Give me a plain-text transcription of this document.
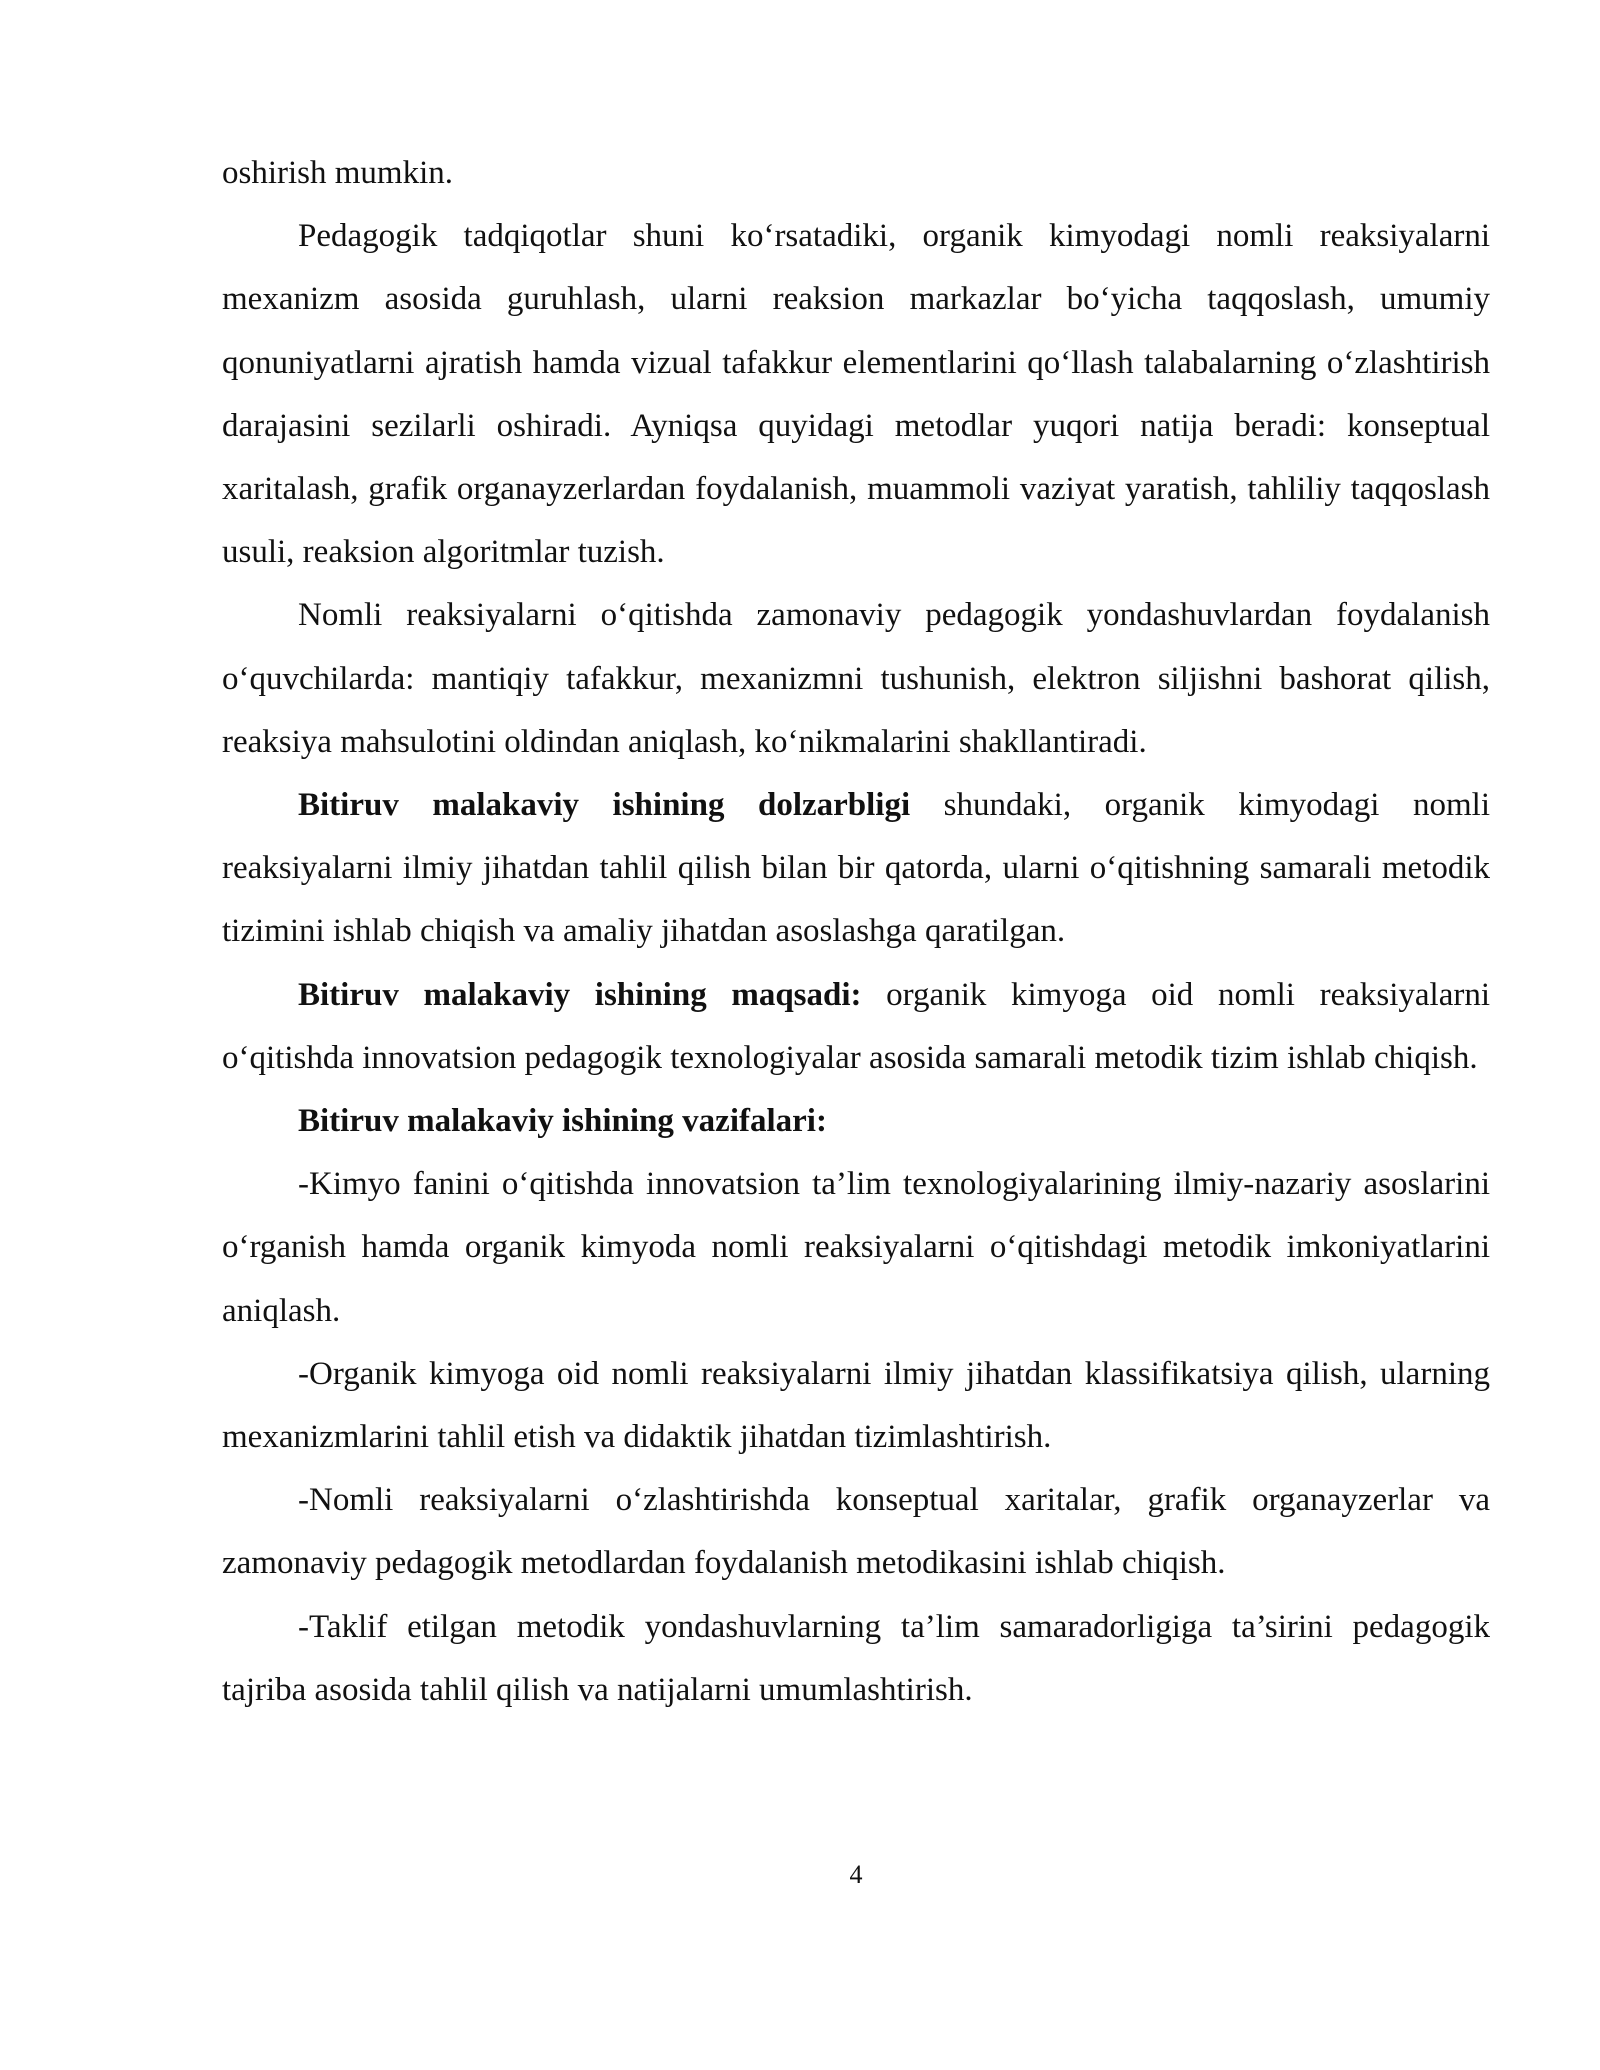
oshirish mumkin.

Pedagogik tadqiqotlar shuni ko‘rsatadiki, organik kimyodagi nomli reaksiyalarni mexanizm asosida guruhlash, ularni reaksion markazlar bo‘yicha taqqoslash, umumiy qonuniyatlarni ajratish hamda vizual tafakkur elementlarini qo‘llash talabalarning o‘zlashtirish darajasini sezilarli oshiradi. Ayniqsa quyidagi metodlar yuqori natija beradi: konseptual xaritalash, grafik organayzerlardan foydalanish, muammoli vaziyat yaratish, tahliliy taqqoslash usuli, reaksion algoritmlar tuzish.

Nomli reaksiyalarni o‘qitishda zamonaviy pedagogik yondashuvlardan foydalanish o‘quvchilarda: mantiqiy tafakkur, mexanizmni tushunish, elektron siljishni bashorat qilish, reaksiya mahsulotini oldindan aniqlash, ko‘nikmalarini shakllantiradi.

Bitiruv malakaviy ishining dolzarbligi shundaki, organik kimyodagi nomli reaksiyalarni ilmiy jihatdan tahlil qilish bilan bir qatorda, ularni o‘qitishning samarali metodik tizimini ishlab chiqish va amaliy jihatdan asoslashga qaratilgan.

Bitiruv malakaviy ishining maqsadi: organik kimyoga oid nomli reaksiyalarni o‘qitishda innovatsion pedagogik texnologiyalar asosida samarali metodik tizim ishlab chiqish.

Bitiruv malakaviy ishining vazifalari:

-Kimyo fanini o‘qitishda innovatsion ta’lim texnologiyalarining ilmiy-nazariy asoslarini o‘rganish hamda organik kimyoda nomli reaksiyalarni o‘qitishdagi metodik imkoniyatlarini aniqlash.

-Organik kimyoga oid nomli reaksiyalarni ilmiy jihatdan klassifikatsiya qilish, ularning mexanizmlarini tahlil etish va didaktik jihatdan tizimlashtirish.

-Nomli reaksiyalarni o‘zlashtirishda konseptual xaritalar, grafik organayzerlar va zamonaviy pedagogik metodlardan foydalanish metodikasini ishlab chiqish.

-Taklif etilgan metodik yondashuvlarning ta’lim samaradorligiga ta’sirini pedagogik tajriba asosida tahlil qilish va natijalarni umumlashtirish.

4
